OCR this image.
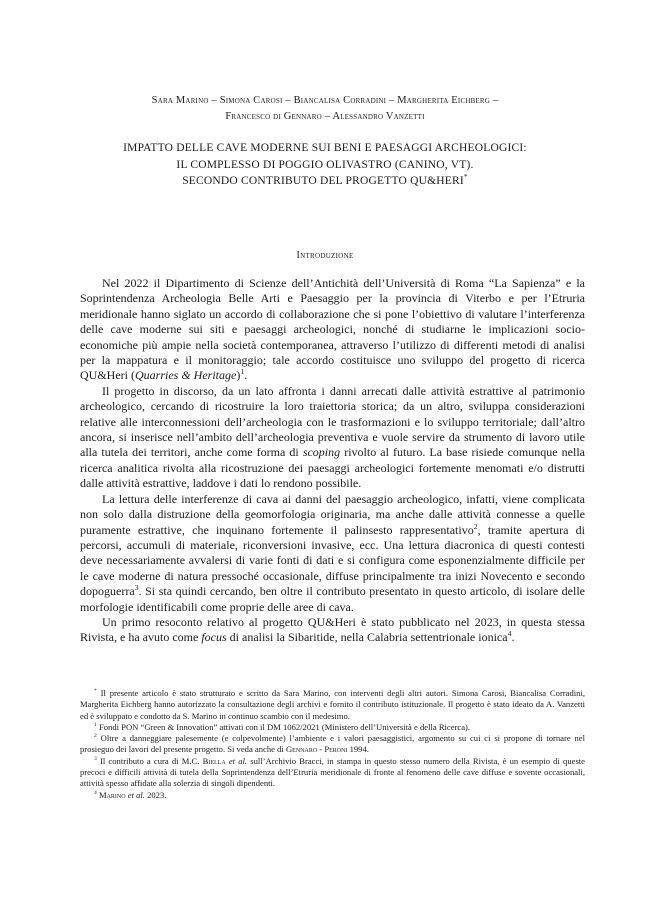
Sara Marino – Simona Carosi – Biancalisa Corradini – Margherita Eichberg –
Francesco di Gennaro – Alessandro Vanzetti
IMPATTO DELLE CAVE MODERNE SUI BENI E PAESAGGI ARCHEOLOGICI:
IL COMPLESSO DI POGGIO OLIVASTRO (CANINO, VT).
SECONDO CONTRIBUTO DEL PROGETTO QU&HERI*
Introduzione

Nel 2022 il Dipartimento di Scienze dell’Antichità dell’Università di Roma “La Sapienza” e la Soprintendenza Archeologia Belle Arti e Paesaggio per la provincia di Viterbo e per l’Etruria meridionale hanno siglato un accordo di collaborazione che si pone l’obiettivo di valutare l’interferenza delle cave moderne sui siti e paesaggi archeologici, nonché di studiarne le implicazioni socio-economiche più ampie nella società contemporanea, attraverso l’utilizzo di differenti metodi di analisi per la mappatura e il monitoraggio; tale accordo costituisce uno sviluppo del progetto di ricerca QU&Heri (Quarries & Heritage)$^1$.

Il progetto in discorso, da un lato affronta i danni arrecati dalle attività estrattive al patrimonio archeologico, cercando di ricostruire la loro traiettoria storica; da un altro, sviluppa considerazioni relative alle interconnessioni dell’archeologia con le trasformazioni e lo sviluppo territoriale; dall’altro ancora, si inserisce nell’ambito dell’archeologia preventiva e vuole servire da strumento di lavoro utile alla tutela dei territori, anche come forma di scoping rivolto al futuro. La base risiede comunque nella ricerca analitica rivolta alla ricostruzione dei paesaggi archeologici fortemente menomati e/o distrutti dalle attività estrattive, laddove i dati lo rendono possibile.

La lettura delle interferenze di cava ai danni del paesaggio archeologico, infatti, viene complicata non solo dalla distruzione della geomorfologia originaria, ma anche dalle attività connesse a quelle puramente estrattive, che inquinano fortemente il palinsesto rappresentativo$^2$, tramite apertura di percorsi, accumuli di materiale, riconversioni invasive, ecc. Una lettura diacronica di questi contesti deve necessariamente avvalersi di varie fonti di dati e si configura come esponenzialmente difficile per le cave moderne di natura pressoché occasionale, diffuse principalmente tra inizi Novecento e secondo dopoguerra$^3$. Si sta quindi cercando, ben oltre il contributo presentato in questo articolo, di isolare delle morfologie identificabili come proprie delle aree di cava.

Un primo resoconto relativo al progetto QU&Heri è stato pubblicato nel 2023, in questa stessa Rivista, e ha avuto come focus di analisi la Sibaritide, nella Calabria settentrionale ionica$^4$.

* Il presente articolo è stato strutturato e scritto da Sara Marino, con interventi degli altri autori. Simona Carosi, Biancalisa Corradini, Margherita Eichberg hanno autorizzato la consultazione degli archivi e fornito il contributo istituzionale. Il progetto è stato ideato da A. Vanzetti ed è sviluppato e condotto da S. Marino in continuo scambio con il medesimo.

$^1$ Fondi PON “Green & Innovation” attivati con il DM 1062/2021 (Ministero dell’Università e della Ricerca).

$^2$ Oltre a danneggiare palesemente (e colpevolmente) l’ambiente e i valori paesaggistici, argomento su cui ci si propone di tornare nel prosieguo dei lavori del presente progetto. Si veda anche di Gennaro - Peroni 1994.

$^3$ Il contributo a cura di M.C. Biella et al. sull’Archivio Bracci, in stampa in questo stesso numero della Rivista, è un esempio di queste precoci e difficili attività di tutela della Soprintendenza dell’Etruria meridionale di fronte al fenomeno delle cave diffuse e sovente occasionali, attività spesso affidate alla solerzia di singoli dipendenti.

$^4$ Marino et al. 2023.
